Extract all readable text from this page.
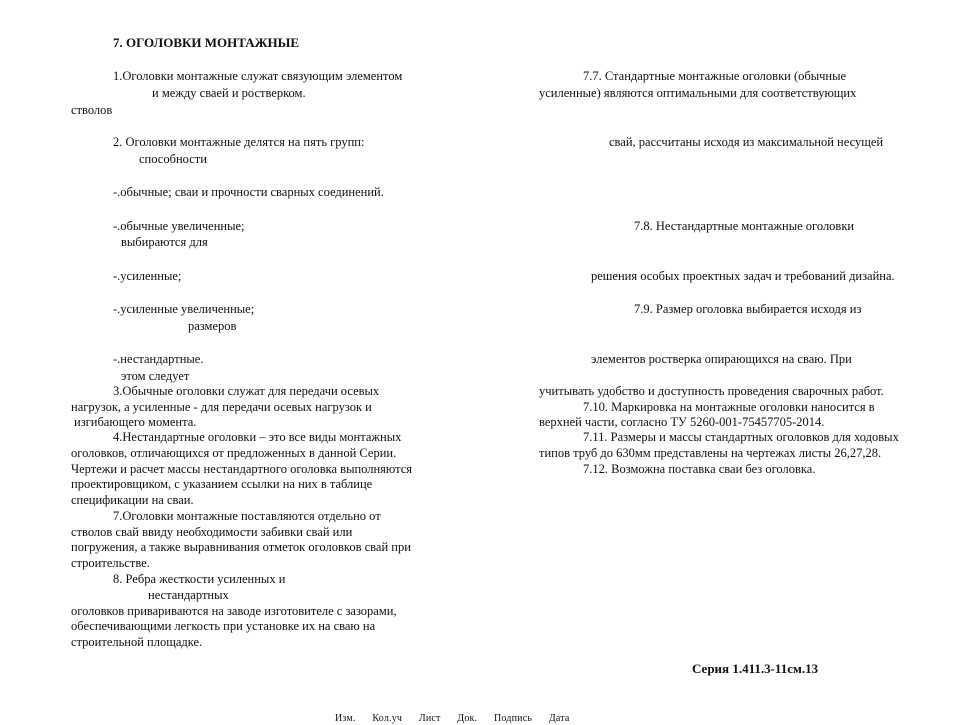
7. ОГОЛОВКИ МОНТАЖНЫЕ
1.Оголовки монтажные служат связующим элементом
и между сваей и ростверком.
стволов
2. Оголовки монтажные делятся на пять групп:
способности
-.обычные; сваи и прочности сварных соединений.
-.обычные увеличенные;
выбираются для
-.усиленные;
-.усиленные увеличенные;
размеров
-.нестандартные.
этом следует
3.Обычные оголовки служат для передачи осевых
нагрузок, а усиленные - для передачи осевых нагрузок и
изгибающего момента.
4.Нестандартные оголовки – это все виды монтажных
оголовков, отличающихся от предложенных в данной Серии.
Чертежи и расчет массы нестандартного оголовка выполняются
проектировщиком, с указанием ссылки на них в таблице
спецификации на сваи.
7.Оголовки монтажные поставляются отдельно от
стволов свай ввиду необходимости забивки свай или
погружения, а также выравнивания отметок оголовков свай при
строительстве.
8. Ребра жесткости усиленных и
нестандартных
оголовков привариваются на заводе изготовителе с зазорами,
обеспечивающими легкость при установке их на сваю на
строительной площадке.
7.7. Стандартные монтажные оголовки (обычные
усиленные) являются оптимальными для соответствующих
свай, рассчитаны исходя из максимальной несущей
7.8. Нестандартные монтажные оголовки
решения особых проектных задач и требований дизайна.
7.9. Размер оголовка выбирается исходя из
элементов ростверка опирающихся на сваю. При
учитывать удобство и доступность проведения сварочных работ.
7.10. Маркировка на монтажные оголовки наносится в
верхней части, согласно ТУ 5260-001-75457705-2014.
7.11. Размеры и массы стандартных оголовков для ходовых
типов труб до 630мм представлены на чертежах листы 26,27,28.
7.12. Возможна поставка сваи без оголовка.
Серия 1.411.3-11см.13
Изм. Кол.уч Лист Док. Подпись Дата
